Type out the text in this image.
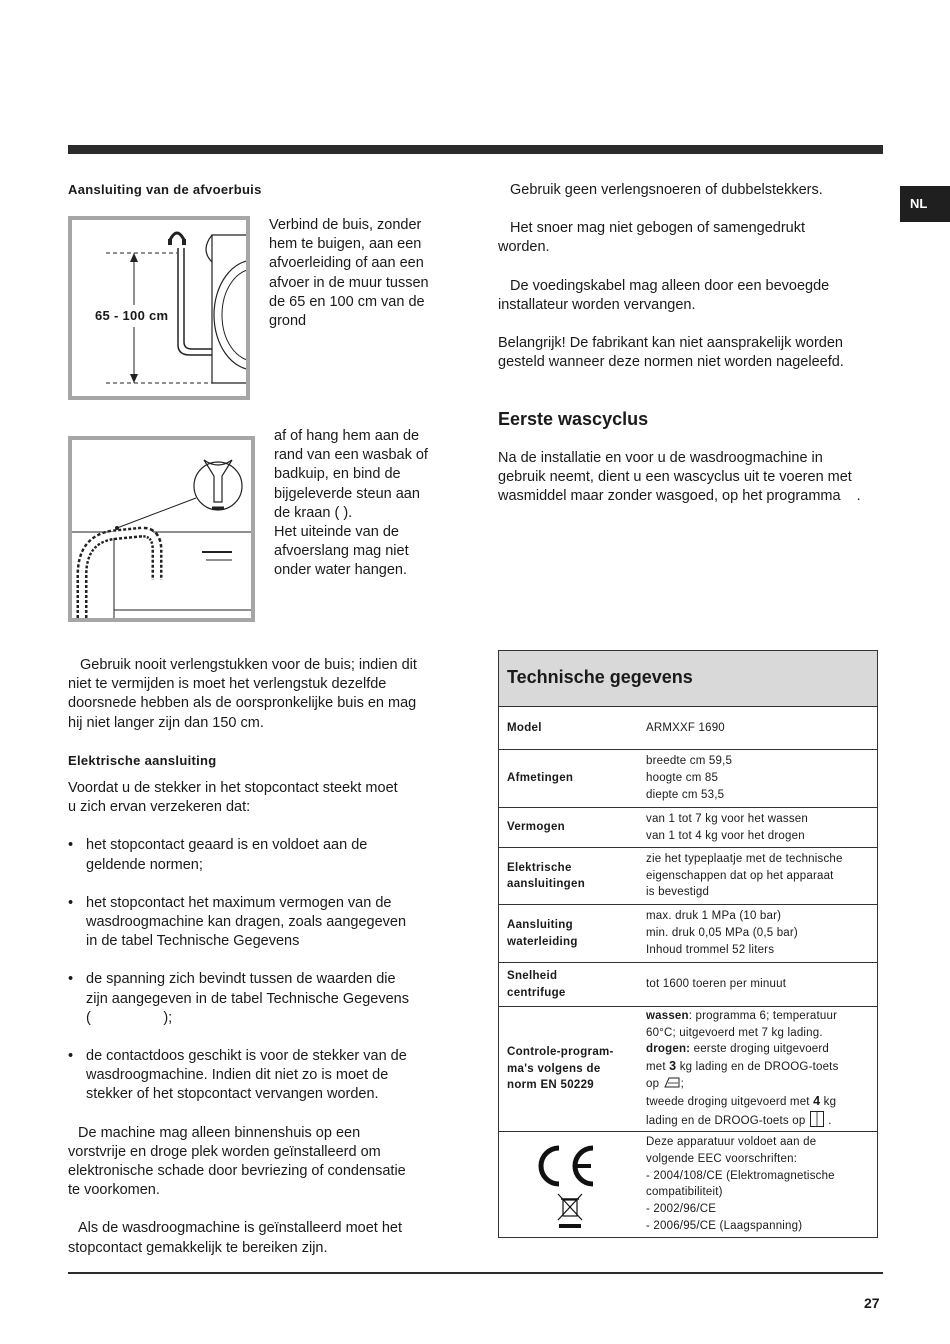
NL
Aansluiting van de afvoerbuis
65 - 100 cm
Verbind de buis, zonder
hem te buigen, aan een
afvoerleiding of aan een
afvoer in de muur tussen
de 65 en 100 cm van de
grond
af of hang hem aan de
rand van een wasbak of
badkuip, en bind de
bijgeleverde steun aan
de kraan ( ).
Het uiteinde van de
afvoerslang mag niet
onder water hangen.
Gebruik nooit verlengstukken voor de buis; indien dit
niet te vermijden is moet het verlengstuk dezelfde
doorsnede hebben als de oorspronkelijke buis en mag
hij niet langer zijn dan 150 cm.
Elektrische aansluiting
Voordat u de stekker in het stopcontact steekt moet
u zich ervan verzekeren dat:
• het stopcontact geaard is en voldoet aan de
geldende normen;
• het stopcontact het maximum vermogen van de
wasdroogmachine kan dragen, zoals aangegeven
in de tabel Technische Gegevens
• de spanning zich bevindt tussen de waarden die
zijn aangegeven in de tabel Technische Gegevens
(                  );
• de contactdoos geschikt is voor de stekker van de
wasdroogmachine. Indien dit niet zo is moet de
stekker of het stopcontact vervangen worden.
De machine mag alleen binnenshuis op een
vorstvrije en droge plek worden geïnstalleerd om
elektronische schade door bevriezing of condensatie
te voorkomen.
Als de wasdroogmachine is geïnstalleerd moet het
stopcontact gemakkelijk te bereiken zijn.
Gebruik geen verlengsnoeren of dubbelstekkers.
Het snoer mag niet gebogen of samengedrukt
worden.
De voedingskabel mag alleen door een bevoegde
installateur worden vervangen.
Belangrijk! De fabrikant kan niet aansprakelijk worden
gesteld wanneer deze normen niet worden nageleefd.
Eerste wascyclus
Na de installatie en voor u de wasdroogmachine in
gebruik neemt, dient u een wascyclus uit te voeren met
wasmiddel maar zonder wasgoed, op het programma    .
Technische gegevens
Model	ARMXXF 1690
Afmetingen
breedte cm 59,5
hoogte cm 85
diepte cm 53,5
Vermogen
van 1 tot 7 kg voor het wassen
van 1 tot 4 kg voor het drogen
Elektrische
aansluitingen
zie het typeplaatje met de technische
eigenschappen dat op het apparaat
is bevestigd
Aansluiting
waterleiding
max. druk 1 MPa (10 bar)
min. druk 0,05 MPa (0,5 bar)
Inhoud trommel 52 liters
Snelheid
centrifuge
tot 1600 toeren per minuut
Controle-program-
ma's volgens de
norm EN 50229
wassen: programma 6; temperatuur
60°C; uitgevoerd met 7 kg lading.
drogen: eerste droging uitgevoerd
met 3 kg lading en de DROOG-toets
op ;
tweede droging uitgevoerd met 4 kg
lading en de DROOG-toets op  .
Deze apparatuur voldoet aan de
volgende EEC voorschriften:
- 2004/108/CE (Elektromagnetische
compatibiliteit)
- 2002/96/CE
- 2006/95/CE (Laagspanning)
27
